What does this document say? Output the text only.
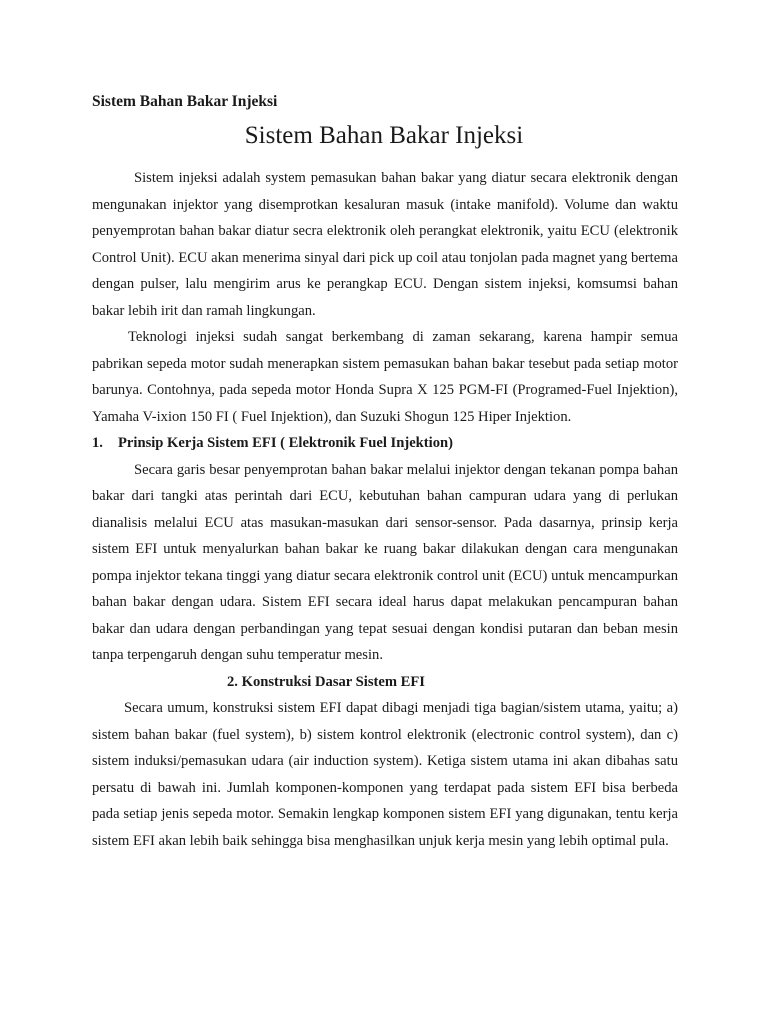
Sistem Bahan Bakar Injeksi
Sistem Bahan Bakar Injeksi

Sistem injeksi adalah system pemasukan bahan bakar yang diatur secara elektronik dengan mengunakan injektor yang disemprotkan kesaluran masuk (intake manifold). Volume dan waktu penyemprotan bahan bakar diatur secra elektronik oleh perangkat elektronik, yaitu ECU (elektronik Control Unit). ECU akan menerima sinyal dari pick up coil atau tonjolan pada magnet yang bertema dengan pulser, lalu mengirim arus ke perangkap ECU. Dengan sistem injeksi, komsumsi bahan bakar lebih irit dan ramah lingkungan.

Teknologi injeksi sudah sangat berkembang di zaman sekarang, karena hampir semua pabrikan sepeda motor sudah menerapkan sistem pemasukan bahan bakar tesebut pada setiap motor barunya. Contohnya, pada sepeda motor Honda Supra X 125 PGM-FI (Programed-Fuel Injektion), Yamaha V-ixion 150 FI ( Fuel Injektion), dan Suzuki Shogun 125 Hiper Injektion.

1. Prinsip Kerja Sistem EFI ( Elektronik Fuel Injektion)

Secara garis besar penyemprotan bahan bakar melalui injektor dengan tekanan pompa bahan bakar dari tangki atas perintah dari ECU, kebutuhan bahan campuran udara yang di perlukan dianalisis melalui ECU atas masukan-masukan dari sensor-sensor. Pada dasarnya, prinsip kerja sistem EFI untuk menyalurkan bahan bakar ke ruang bakar dilakukan dengan cara mengunakan pompa injektor tekana tinggi yang diatur secara elektronik control unit (ECU) untuk mencampurkan bahan bakar dengan udara. Sistem EFI secara ideal harus dapat melakukan pencampuran bahan bakar dan udara dengan perbandingan yang tepat sesuai dengan kondisi putaran dan beban mesin tanpa terpengaruh dengan suhu temperatur mesin.

2. Konstruksi Dasar Sistem EFI

Secara umum, konstruksi sistem EFI dapat dibagi menjadi tiga bagian/sistem utama, yaitu; a) sistem bahan bakar (fuel system), b) sistem kontrol elektronik (electronic control system), dan c) sistem induksi/pemasukan udara (air induction system). Ketiga sistem utama ini akan dibahas satu persatu di bawah ini. Jumlah komponen-komponen yang terdapat pada sistem EFI bisa berbeda pada setiap jenis sepeda motor. Semakin lengkap komponen sistem EFI yang digunakan, tentu kerja sistem EFI akan lebih baik sehingga bisa menghasilkan unjuk kerja mesin yang lebih optimal pula.
